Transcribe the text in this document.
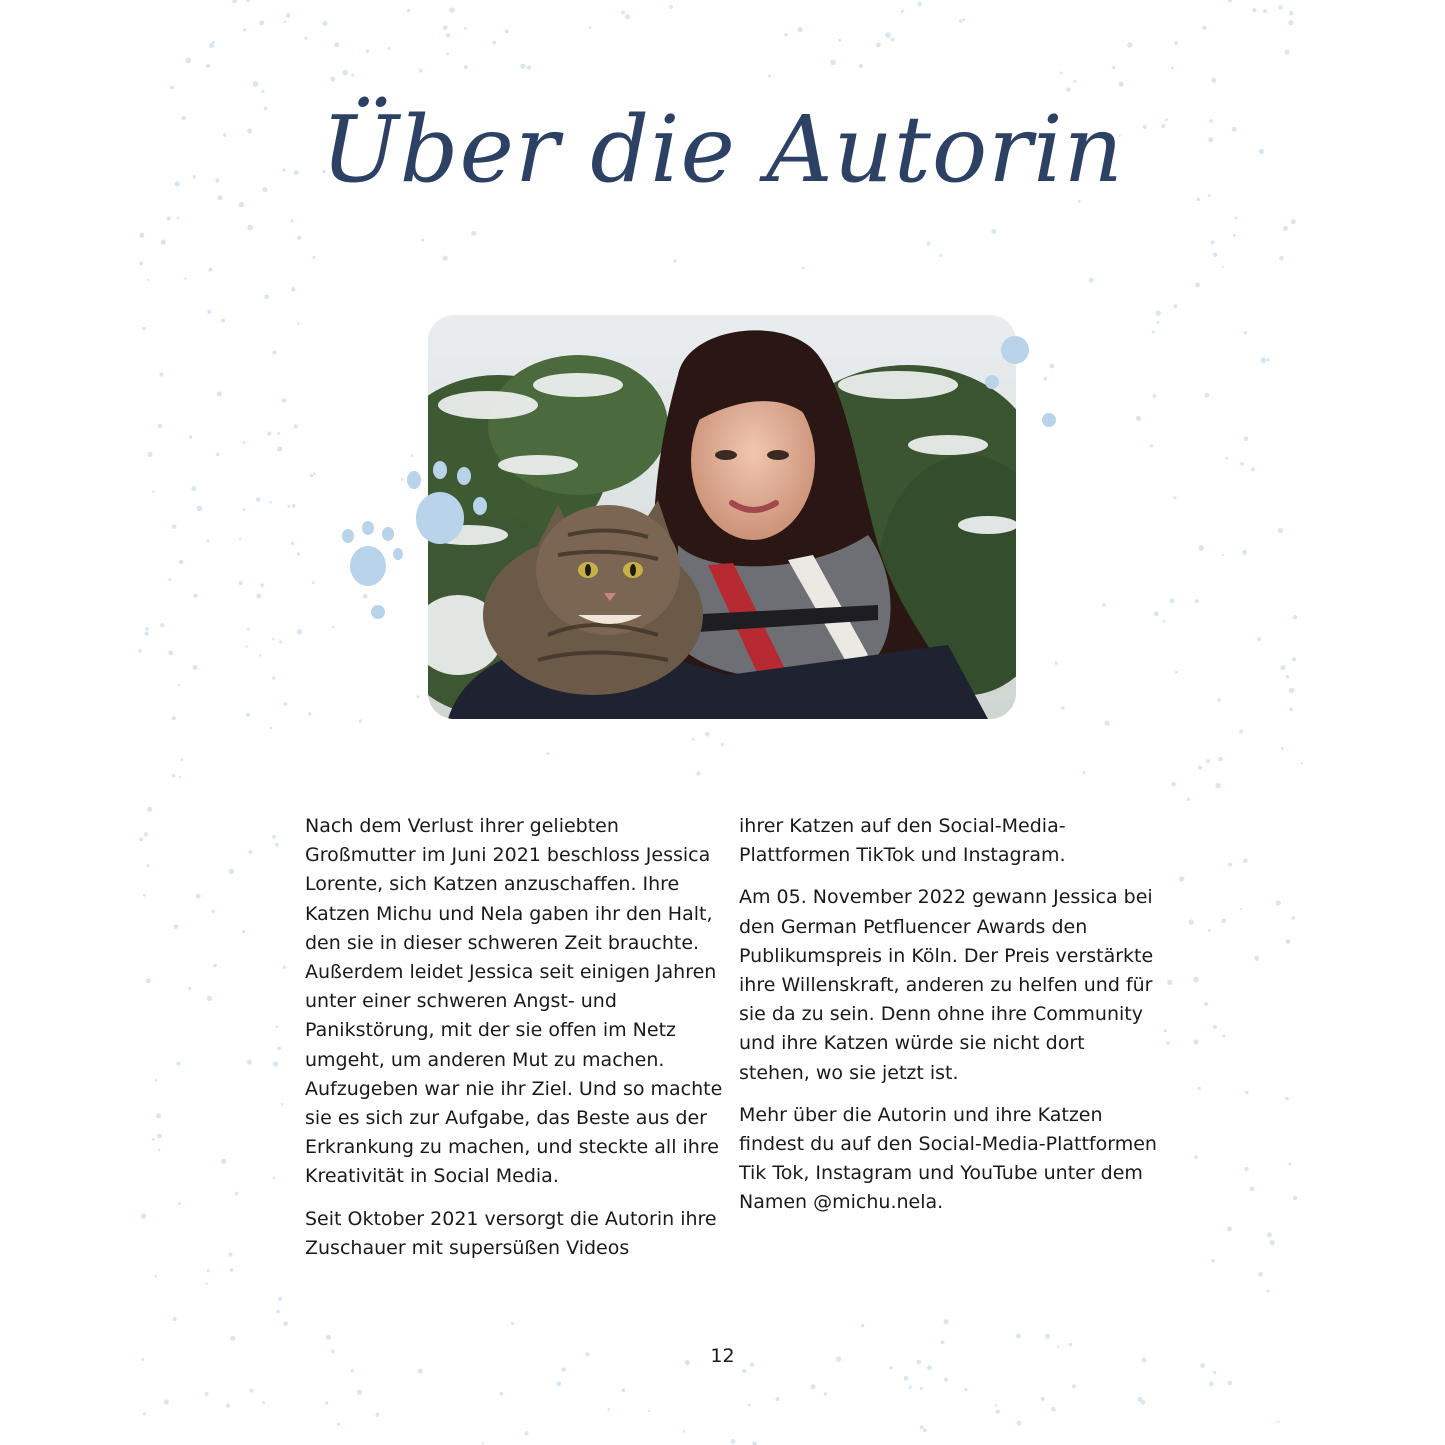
Über die Autorin

Nach dem Verlust ihrer geliebten Großmutter im Juni 2021 beschloss Jessica Lorente, sich Katzen anzuschaffen. Ihre Katzen Michu und Nela gaben ihr den Halt, den sie in dieser schweren Zeit brauchte. Außerdem leidet Jessica seit einigen Jahren unter einer schweren Angst- und Panikstörung, mit der sie offen im Netz umgeht, um anderen Mut zu machen. Aufzugeben war nie ihr Ziel. Und so machte sie es sich zur Aufgabe, das Beste aus der Erkrankung zu machen, und steckte all ihre Kreativität in Social Media.

Seit Oktober 2021 versorgt die Autorin ihre Zuschauer mit supersüßen Videos

ihrer Katzen auf den Social-Media-Plattformen TikTok und Instagram.

Am 05. November 2022 gewann Jessica bei den German Petfluencer Awards den Publikumspreis in Köln. Der Preis verstärkte ihre Willenskraft, anderen zu helfen und für sie da zu sein. Denn ohne ihre Community und ihre Katzen würde sie nicht dort stehen, wo sie jetzt ist.

Mehr über die Autorin und ihre Katzen findest du auf den Social-Media-Plattformen Tik Tok, Instagram und YouTube unter dem Namen @michu.nela.

12
